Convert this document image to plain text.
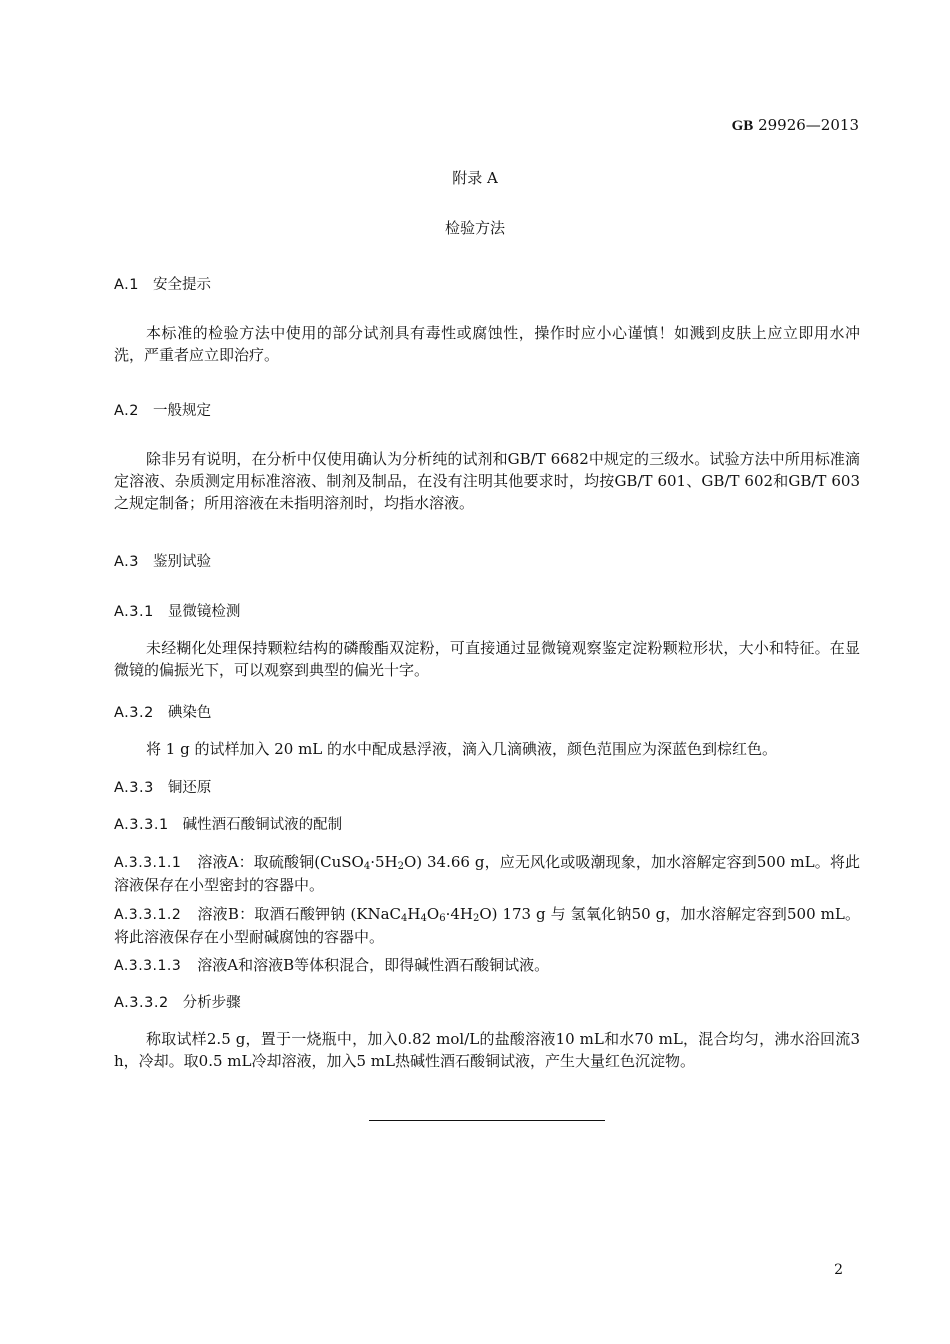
GB 29926—2013
附录 A
检验方法
A.1 安全提示
本标准的检验方法中使用的部分试剂具有毒性或腐蚀性，操作时应小心谨慎！如溅到皮肤上应立即用水冲洗，严重者应立即治疗。
A.2 一般规定
除非另有说明，在分析中仅使用确认为分析纯的试剂和GB/T 6682中规定的三级水。试验方法中所用标准滴定溶液、杂质测定用标准溶液、制剂及制品，在没有注明其他要求时，均按GB/T 601、GB/T 602和GB/T 603之规定制备；所用溶液在未指明溶剂时，均指水溶液。
A.3 鉴别试验
A.3.1 显微镜检测
未经糊化处理保持颗粒结构的磷酸酯双淀粉，可直接通过显微镜观察鉴定淀粉颗粒形状，大小和特征。在显微镜的偏振光下，可以观察到典型的偏光十字。
A.3.2 碘染色
将 1 g 的试样加入 20 mL 的水中配成悬浮液，滴入几滴碘液，颜色范围应为深蓝色到棕红色。
A.3.3 铜还原
A.3.3.1 碱性酒石酸铜试液的配制
A.3.3.1.1 溶液A：取硫酸铜$(CuSO_4\cdot 5H_2O)$ 34.66 g，应无风化或吸潮现象，加水溶解定容到500 mL。将此溶液保存在小型密封的容器中。
A.3.3.1.2 溶液B：取酒石酸钾钠 $(KNaC_4H_4O_6\cdot 4H_2O)$ 173 g 与 氢氧化钠50 g，加水溶解定容到500 mL。将此溶液保存在小型耐碱腐蚀的容器中。
A.3.3.1.3 溶液A和溶液B等体积混合，即得碱性酒石酸铜试液。
A.3.3.2 分析步骤
称取试样2.5 g，置于一烧瓶中，加入0.82 mol/L的盐酸溶液10 mL和水70 mL，混合均匀，沸水浴回流3 h，冷却。取0.5 mL冷却溶液，加入5 mL热碱性酒石酸铜试液，产生大量红色沉淀物。
2
